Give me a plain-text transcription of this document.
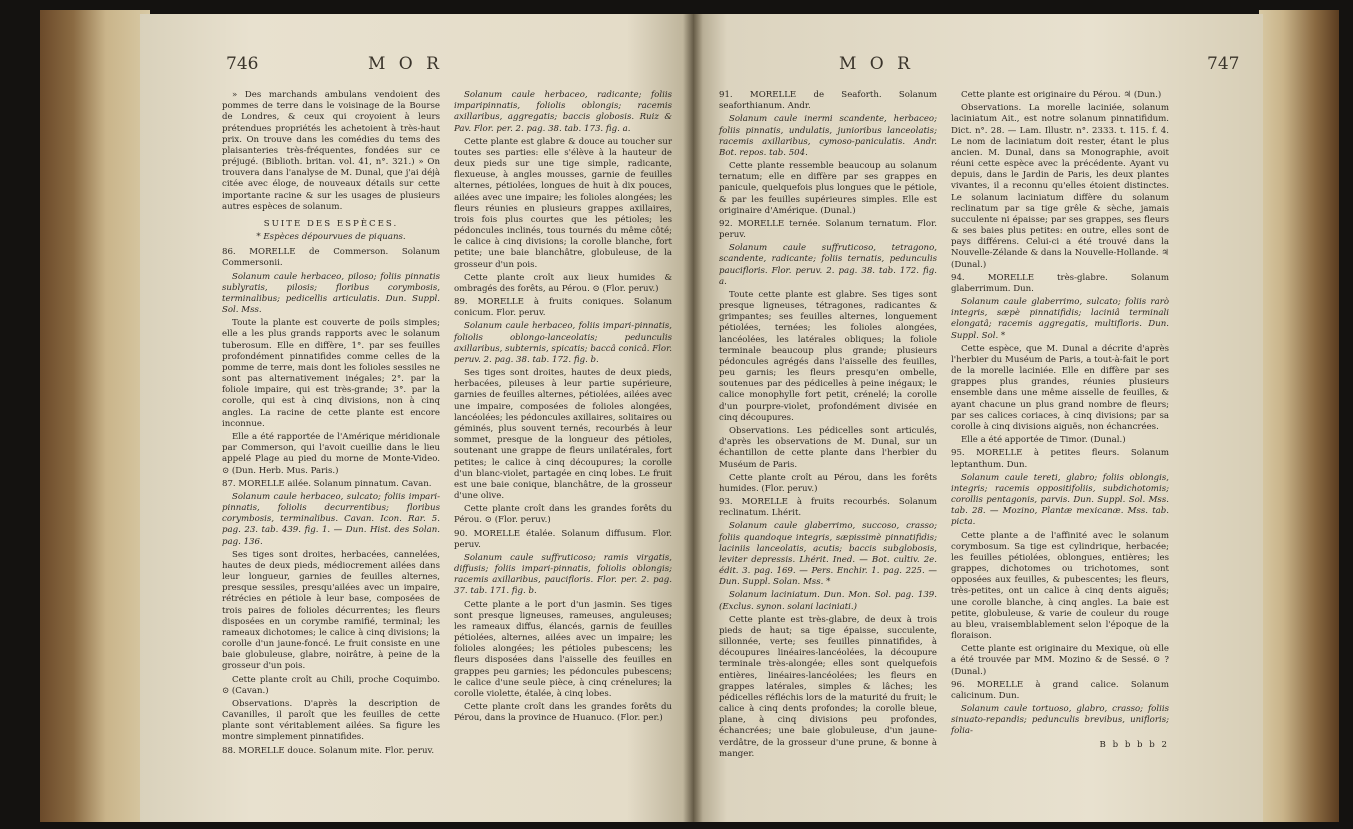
746	M O R

» Des marchands ambulans vendoient des pommes de terre dans le voisinage de la Bourse de Londres, & ceux qui croyoient à leurs prétendues propriétés les achetoient à très-haut prix. On trouve dans les comédies du tems des plaisanteries très-fréquentes, fondées sur ce préjugé. (Biblioth. britan. vol. 41, n°. 321.) » On trouvera dans l'analyse de M. Dunal, que j'ai déjà citée avec éloge, de nouveaux détails sur cette importante racine & sur les usages de plusieurs autres espèces de solanum.

SUITE DES ESPÈCES.

* Espèces dépourvues de piquans.

86. MORELLE de Commerson. Solanum Commersonii.

Solanum caule herbaceo, piloso; foliis pinnatis sublyratis, pilosis; floribus corymbosis, terminalibus; pedicellis articulatis. Dun. Suppl. Sol. Mss.

Toute la plante est couverte de poils simples; elle a les plus grands rapports avec le solanum tuberosum. Elle en diffère, 1°. par ses feuilles profondément pinnatifides comme celles de la pomme de terre, mais dont les folioles sessiles ne sont pas alternativement inégales; 2°. par la foliole impaire, qui est très-grande; 3°. par la corolle, qui est à cinq divisions, non à cinq angles. La racine de cette plante est encore inconnue.

Elle a été rapportée de l'Amérique méridionale par Commerson, qui l'avoit cueillie dans le lieu appelé Plage au pied du morne de Monte-Video. ⊙ (Dun. Herb. Mus. Paris.)

87. MORELLE ailée. Solanum pinnatum. Cavan.

Solanum caule herbaceo, sulcato; foliis impari-pinnatis, foliolis decurrentibus; floribus corymbosis, terminalibus. Cavan. Icon. Rar. 5. pag. 23. tab. 439. fig. 1. — Dun. Hist. des Solan. pag. 136.

Ses tiges sont droites, herbacées, cannelées, hautes de deux pieds, médiocrement ailées dans leur longueur, garnies de feuilles alternes, presque sessiles, presqu'ailées avec un impaire, rétrécies en pétiole à leur base, composées de trois paires de folioles décurrentes; les fleurs disposées en un corymbe ramifié, terminal; les rameaux dichotomes; le calice à cinq divisions; la corolle d'un jaune-foncé. Le fruit consiste en une baie globuleuse, glabre, noirâtre, à peine de la grosseur d'un pois.

Cette plante croît au Chili, proche Coquimbo. ⊙ (Cavan.)

Observations. D'après la description de Cavanilles, il paroît que les feuilles de cette plante sont véritablement ailées. Sa figure les montre simplement pinnatifides.

88. MORELLE douce. Solanum mite. Flor. peruv.

Solanum caule herbaceo, radicante; foliis imparipinnatis, foliolis oblongis; racemis axillaribus, aggregatis; baccis globosis. Ruiz & Pav. Flor. per. 2. pag. 38. tab. 173. fig. a.

Cette plante est glabre & douce au toucher sur toutes ses parties: elle s'élève à la hauteur de deux pieds sur une tige simple, radicante, flexueuse, à angles mousses, garnie de feuilles alternes, pétiolées, longues de huit à dix pouces, ailées avec une impaire; les folioles alongées; les fleurs réunies en plusieurs grappes axillaires, trois fois plus courtes que les pétioles; les pédoncules inclinés, tous tournés du même côté; le calice à cinq divisions; la corolle blanche, fort petite; une baie blanchâtre, globuleuse, de la grosseur d'un pois.

Cette plante croît aux lieux humides & ombragés des forêts, au Pérou. ⊙ (Flor. peruv.)

89. MORELLE à fruits coniques. Solanum conicum. Flor. peruv.

Solanum caule herbaceo, foliis impari-pinnatis, foliolis oblongo-lanceolatis; pedunculis axillaribus, subternis, spicatis; baccâ conicâ. Flor. peruv. 2. pag. 38. tab. 172. fig. b.

Ses tiges sont droites, hautes de deux pieds, herbacées, pileuses à leur partie supérieure, garnies de feuilles alternes, pétiolées, ailées avec une impaire, composées de folioles alongées, lancéolées; les pédoncules axillaires, solitaires ou géminés, plus souvent ternés, recourbés à leur sommet, presque de la longueur des pétioles, soutenant une grappe de fleurs unilatérales, fort petites; le calice à cinq découpures; la corolle d'un blanc-violet, partagée en cinq lobes. Le fruit est une baie conique, blanchâtre, de la grosseur d'une olive.

Cette plante croît dans les grandes forêts du Pérou. ⊙ (Flor. peruv.)

90. MORELLE étalée. Solanum diffusum. Flor. peruv.

Solanum caule suffruticoso; ramis virgatis, diffusis; foliis impari-pinnatis, foliolis oblongis; racemis axillaribus, paucifloris. Flor. per. 2. pag. 37. tab. 171. fig. b.

Cette plante a le port d'un jasmin. Ses tiges sont presque ligneuses, rameuses, anguleuses; les rameaux diffus, élancés, garnis de feuilles pétiolées, alternes, ailées avec un impaire; les folioles alongées; les pétioles pubescens; les fleurs disposées dans l'aisselle des feuilles en grappes peu garnies; les pédoncules pubescens; le calice d'une seule pièce, à cinq crénelures; la corolle violette, étalée, à cinq lobes.

Cette plante croît dans les grandes forêts du Pérou, dans la province de Huanuco. (Flor. per.)

M O R	747

91. MORELLE de Seaforth. Solanum seaforthianum. Andr.

Solanum caule inermi scandente, herbaceo; foliis pinnatis, undulatis, junioribus lanceolatis; racemis axillaribus, cymoso-paniculatis. Andr. Bot. repos. tab. 504.

Cette plante ressemble beaucoup au solanum ternatum; elle en diffère par ses grappes en panicule, quelquefois plus longues que le pétiole, & par les feuilles supérieures simples. Elle est originaire d'Amérique. (Dunal.)

92. MORELLE ternée. Solanum ternatum. Flor. peruv.

Solanum caule suffruticoso, tetragono, scandente, radicante; foliis ternatis, pedunculis paucifloris. Flor. peruv. 2. pag. 38. tab. 172. fig. a.

Toute cette plante est glabre. Ses tiges sont presque ligneuses, tétragones, radicantes & grimpantes; ses feuilles alternes, longuement pétiolées, ternées; les folioles alongées, lancéolées, les latérales obliques; la foliole terminale beaucoup plus grande; plusieurs pédoncules agrégés dans l'aisselle des feuilles, peu garnis; les fleurs presqu'en ombelle, soutenues par des pédicelles à peine inégaux; le calice monophylle fort petit, crénelé; la corolle d'un pourpre-violet, profondément divisée en cinq découpures.

Observations. Les pédicelles sont articulés, d'après les observations de M. Dunal, sur un échantillon de cette plante dans l'herbier du Muséum de Paris.

Cette plante croît au Pérou, dans les forêts humides. (Flor. peruv.)

93. MORELLE à fruits recourbés. Solanum reclinatum. Lhérit.

Solanum caule glaberrimo, succoso, crasso; foliis quandoque integris, sæpissimè pinnatifidis; laciniis lanceolatis, acutis; baccis subglobosis, leviter depressis. Lhérit. Ined. — Bot. cultiv. 2e. édit. 3. pag. 169. — Pers. Enchir. 1. pag. 225. — Dun. Suppl. Solan. Mss. *

Solanum laciniatum. Dun. Mon. Sol. pag. 139. (Exclus. synon. solani laciniati.)

Cette plante est très-glabre, de deux à trois pieds de haut; sa tige épaisse, succulente, sillonnée, verte; ses feuilles pinnatifides, à découpures linéaires-lancéolées, la découpure terminale très-alongée; elles sont quelquefois entières, linéaires-lancéolées; les fleurs en grappes latérales, simples & lâches; les pédicelles réfléchis lors de la maturité du fruit; le calice à cinq dents profondes; la corolle bleue, plane, à cinq divisions peu profondes, échancrées; une baie globuleuse, d'un jaune-verdâtre, de la grosseur d'une prune, & bonne à manger.

Cette plante est originaire du Pérou. ♃ (Dun.)

Observations. La morelle laciniée, solanum laciniatum Ait., est notre solanum pinnatifidum. Dict. n°. 28. — Lam. Illustr. n°. 2333. t. 115. f. 4. Le nom de laciniatum doit rester, étant le plus ancien. M. Dunal, dans sa Monographie, avoit réuni cette espèce avec la précédente. Ayant vu depuis, dans le Jardin de Paris, les deux plantes vivantes, il a reconnu qu'elles étoient distinctes. Le solanum laciniatum diffère du solanum reclinatum par sa tige grêle & sèche, jamais succulente ni épaisse; par ses grappes, ses fleurs & ses baies plus petites: en outre, elles sont de pays différens. Celui-ci a été trouvé dans la Nouvelle-Zélande & dans la Nouvelle-Hollande. ♃ (Dunal.)

94. MORELLE très-glabre. Solanum glaberrimum. Dun.

Solanum caule glaberrimo, sulcato; foliis rarò integris, sæpè pinnatifidis; laciniâ terminali elongatâ; racemis aggregatis, multifloris. Dun. Suppl. Sol. *

Cette espèce, que M. Dunal a décrite d'après l'herbier du Muséum de Paris, a tout-à-fait le port de la morelle laciniée. Elle en diffère par ses grappes plus grandes, réunies plusieurs ensemble dans une même aisselle de feuilles, & ayant chacune un plus grand nombre de fleurs; par ses calices coriaces, à cinq divisions; par sa corolle à cinq divisions aiguës, non échancrées.

Elle a été apportée de Timor. (Dunal.)

95. MORELLE à petites fleurs. Solanum leptanthum. Dun.

Solanum caule tereti, glabro; foliis oblongis, integris; racemis oppositifoliis, subdichotomis; corollis pentagonis, parvis. Dun. Suppl. Sol. Mss. tab. 28. — Mozino, Plantæ mexicanæ. Mss. tab. picta.

Cette plante a de l'affinité avec le solanum corymbosum. Sa tige est cylindrique, herbacée; les feuilles pétiolées, oblongues, entières; les grappes, dichotomes ou trichotomes, sont opposées aux feuilles, & pubescentes; les fleurs, très-petites, ont un calice à cinq dents aiguës; une corolle blanche, à cinq angles. La baie est petite, globuleuse, & varie de couleur du rouge au bleu, vraisemblablement selon l'époque de la floraison.

Cette plante est originaire du Mexique, où elle a été trouvée par MM. Mozino & de Sessé. ⊙ ? (Dunal.)

96. MORELLE à grand calice. Solanum calicinum. Dun.

Solanum caule tortuoso, glabro, crasso; foliis sinuato-repandis; pedunculis brevibus, unifloris; folia-

B b b b b 2
